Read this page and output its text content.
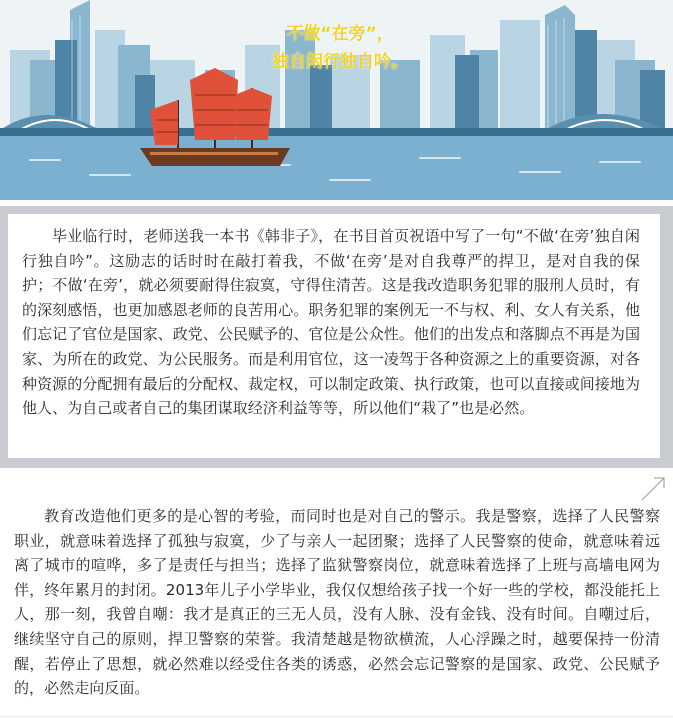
不做“在旁”，
独自闲行独自吟。

毕业临行时，老师送我一本书《韩非子》，在书目首页祝语中写了一句“不做‘在旁’独自闲行独自吟”。这励志的话时时在敲打着我，不做‘在旁’是对自我尊严的捍卫，是对自我的保护；不做‘在旁’，就必须要耐得住寂寞，守得住清苦。这是我改造职务犯罪的服刑人员时，有的深刻感悟，也更加感恩老师的良苦用心。职务犯罪的案例无一不与权、利、女人有关系，他们忘记了官位是国家、政党、公民赋予的、官位是公众性。他们的出发点和落脚点不再是为国家、为所在的政党、为公民服务。而是利用官位，这一凌驾于各种资源之上的重要资源，对各种资源的分配拥有最后的分配权、裁定权，可以制定政策、执行政策，也可以直接或间接地为他人、为自己或者自己的集团谋取经济利益等等，所以他们“栽了”也是必然。

教育改造他们更多的是心智的考验，而同时也是对自己的警示。我是警察，选择了人民警察职业，就意味着选择了孤独与寂寞，少了与亲人一起团聚；选择了人民警察的使命，就意味着远离了城市的喧哗，多了是责任与担当；选择了监狱警察岗位，就意味着选择了上班与高墙电网为伴，终年累月的封闭。2013年儿子小学毕业，我仅仅想给孩子找一个好一些的学校，都没能托上人，那一刻，我曾自嘲：我才是真正的三无人员，没有人脉、没有金钱、没有时间。自嘲过后，继续坚守自己的原则，捍卫警察的荣誉。我清楚越是物欲横流，人心浮躁之时，越要保持一份清醒，若停止了思想，就必然难以经受住各类的诱惑，必然会忘记警察的是国家、政党、公民赋予的，必然走向反面。
